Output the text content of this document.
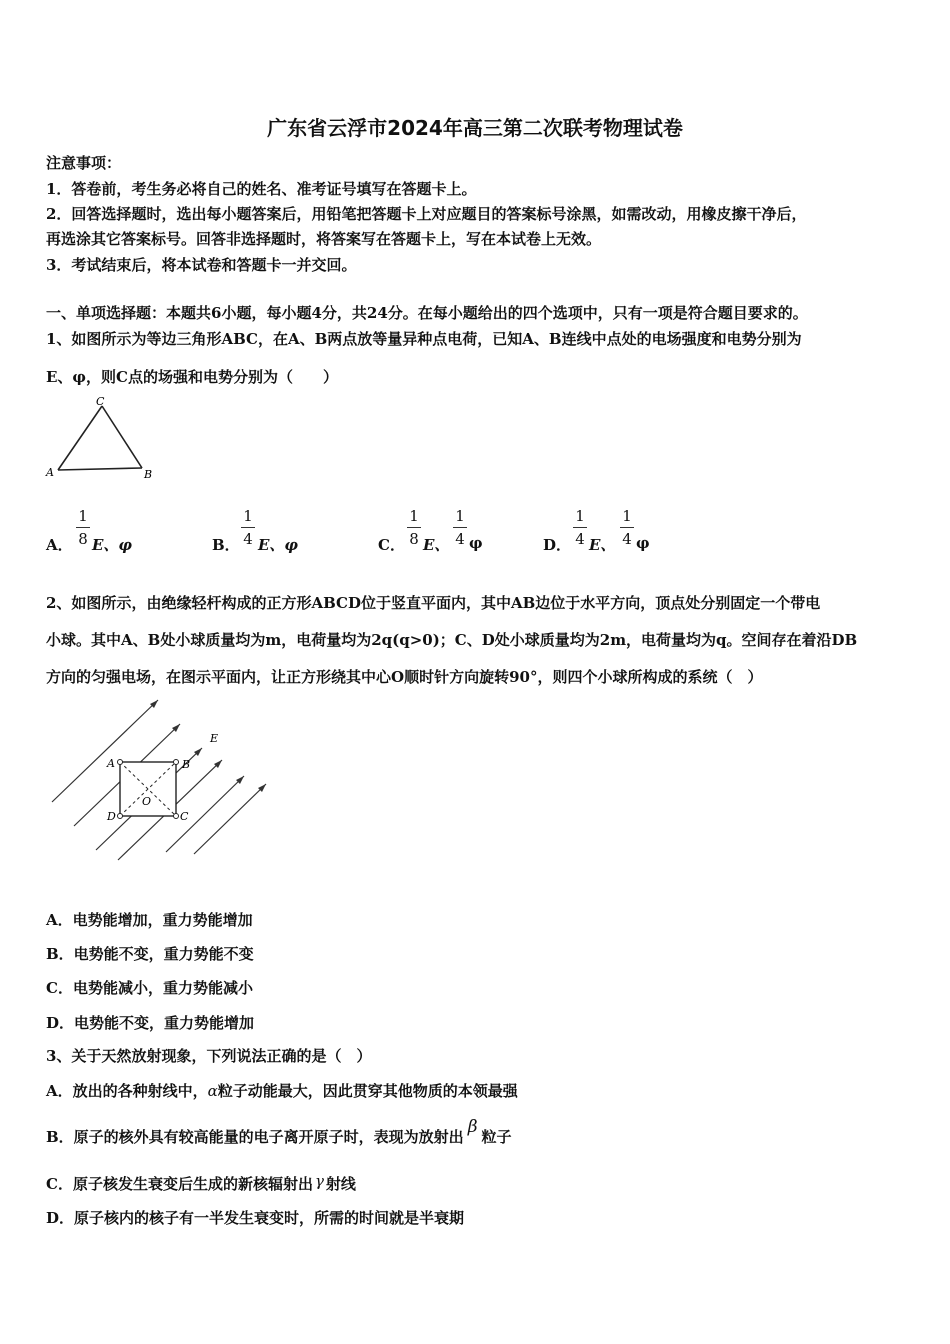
广东省云浮市2024年高三第二次联考物理试卷
注意事项：
1．答卷前，考生务必将自己的姓名、准考证号填写在答题卡上。
2．回答选择题时，选出每小题答案后，用铅笔把答题卡上对应题目的答案标号涂黑，如需改动，用橡皮擦干净后，
再选涂其它答案标号。回答非选择题时，将答案写在答题卡上，写在本试卷上无效。
3．考试结束后，将本试卷和答题卡一并交回。
一、单项选择题：本题共6小题，每小题4分，共24分。在每小题给出的四个选项中，只有一项是符合题目要求的。
1、如图所示为等边三角形ABC，在A、B两点放等量异种点电荷，已知A、B连线中点处的电场强度和电势分别为
E、φ，则C点的场强和电势分别为（　　）
C
A	B
A．
1
8 E、φ	B．
1
4 E、φ	C．
1
8 E、
1
4 φ	D．
1
4 E、
1
4 φ
2、如图所示，由绝缘轻杆构成的正方形ABCD位于竖直平面内，其中AB边位于水平方向，顶点处分别固定一个带电
小球。其中A、B处小球质量均为m，电荷量均为2q(q>0)；C、D处小球质量均为2m，电荷量均为q。空间存在着沿DB
方向的匀强电场，在图示平面内，让正方形绕其中心O顺时针方向旋转90°，则四个小球所构成的系统（　）
E
A	B
C
D
O
A．电势能增加，重力势能增加
B．电势能不变，重力势能不变
C．电势能减小，重力势能减小
D．电势能不变，重力势能增加
3、关于天然放射现象，下列说法正确的是（　）
A．放出的各种射线中，α粒子动能最大，因此贯穿其他物质的本领最强
B．原子的核外具有较高能量的电子离开原子时，表现为放射出 β 粒子
C．原子核发生衰变后生成的新核辐射出 γ 射线
D．原子核内的核子有一半发生衰变时，所需的时间就是半衰期
